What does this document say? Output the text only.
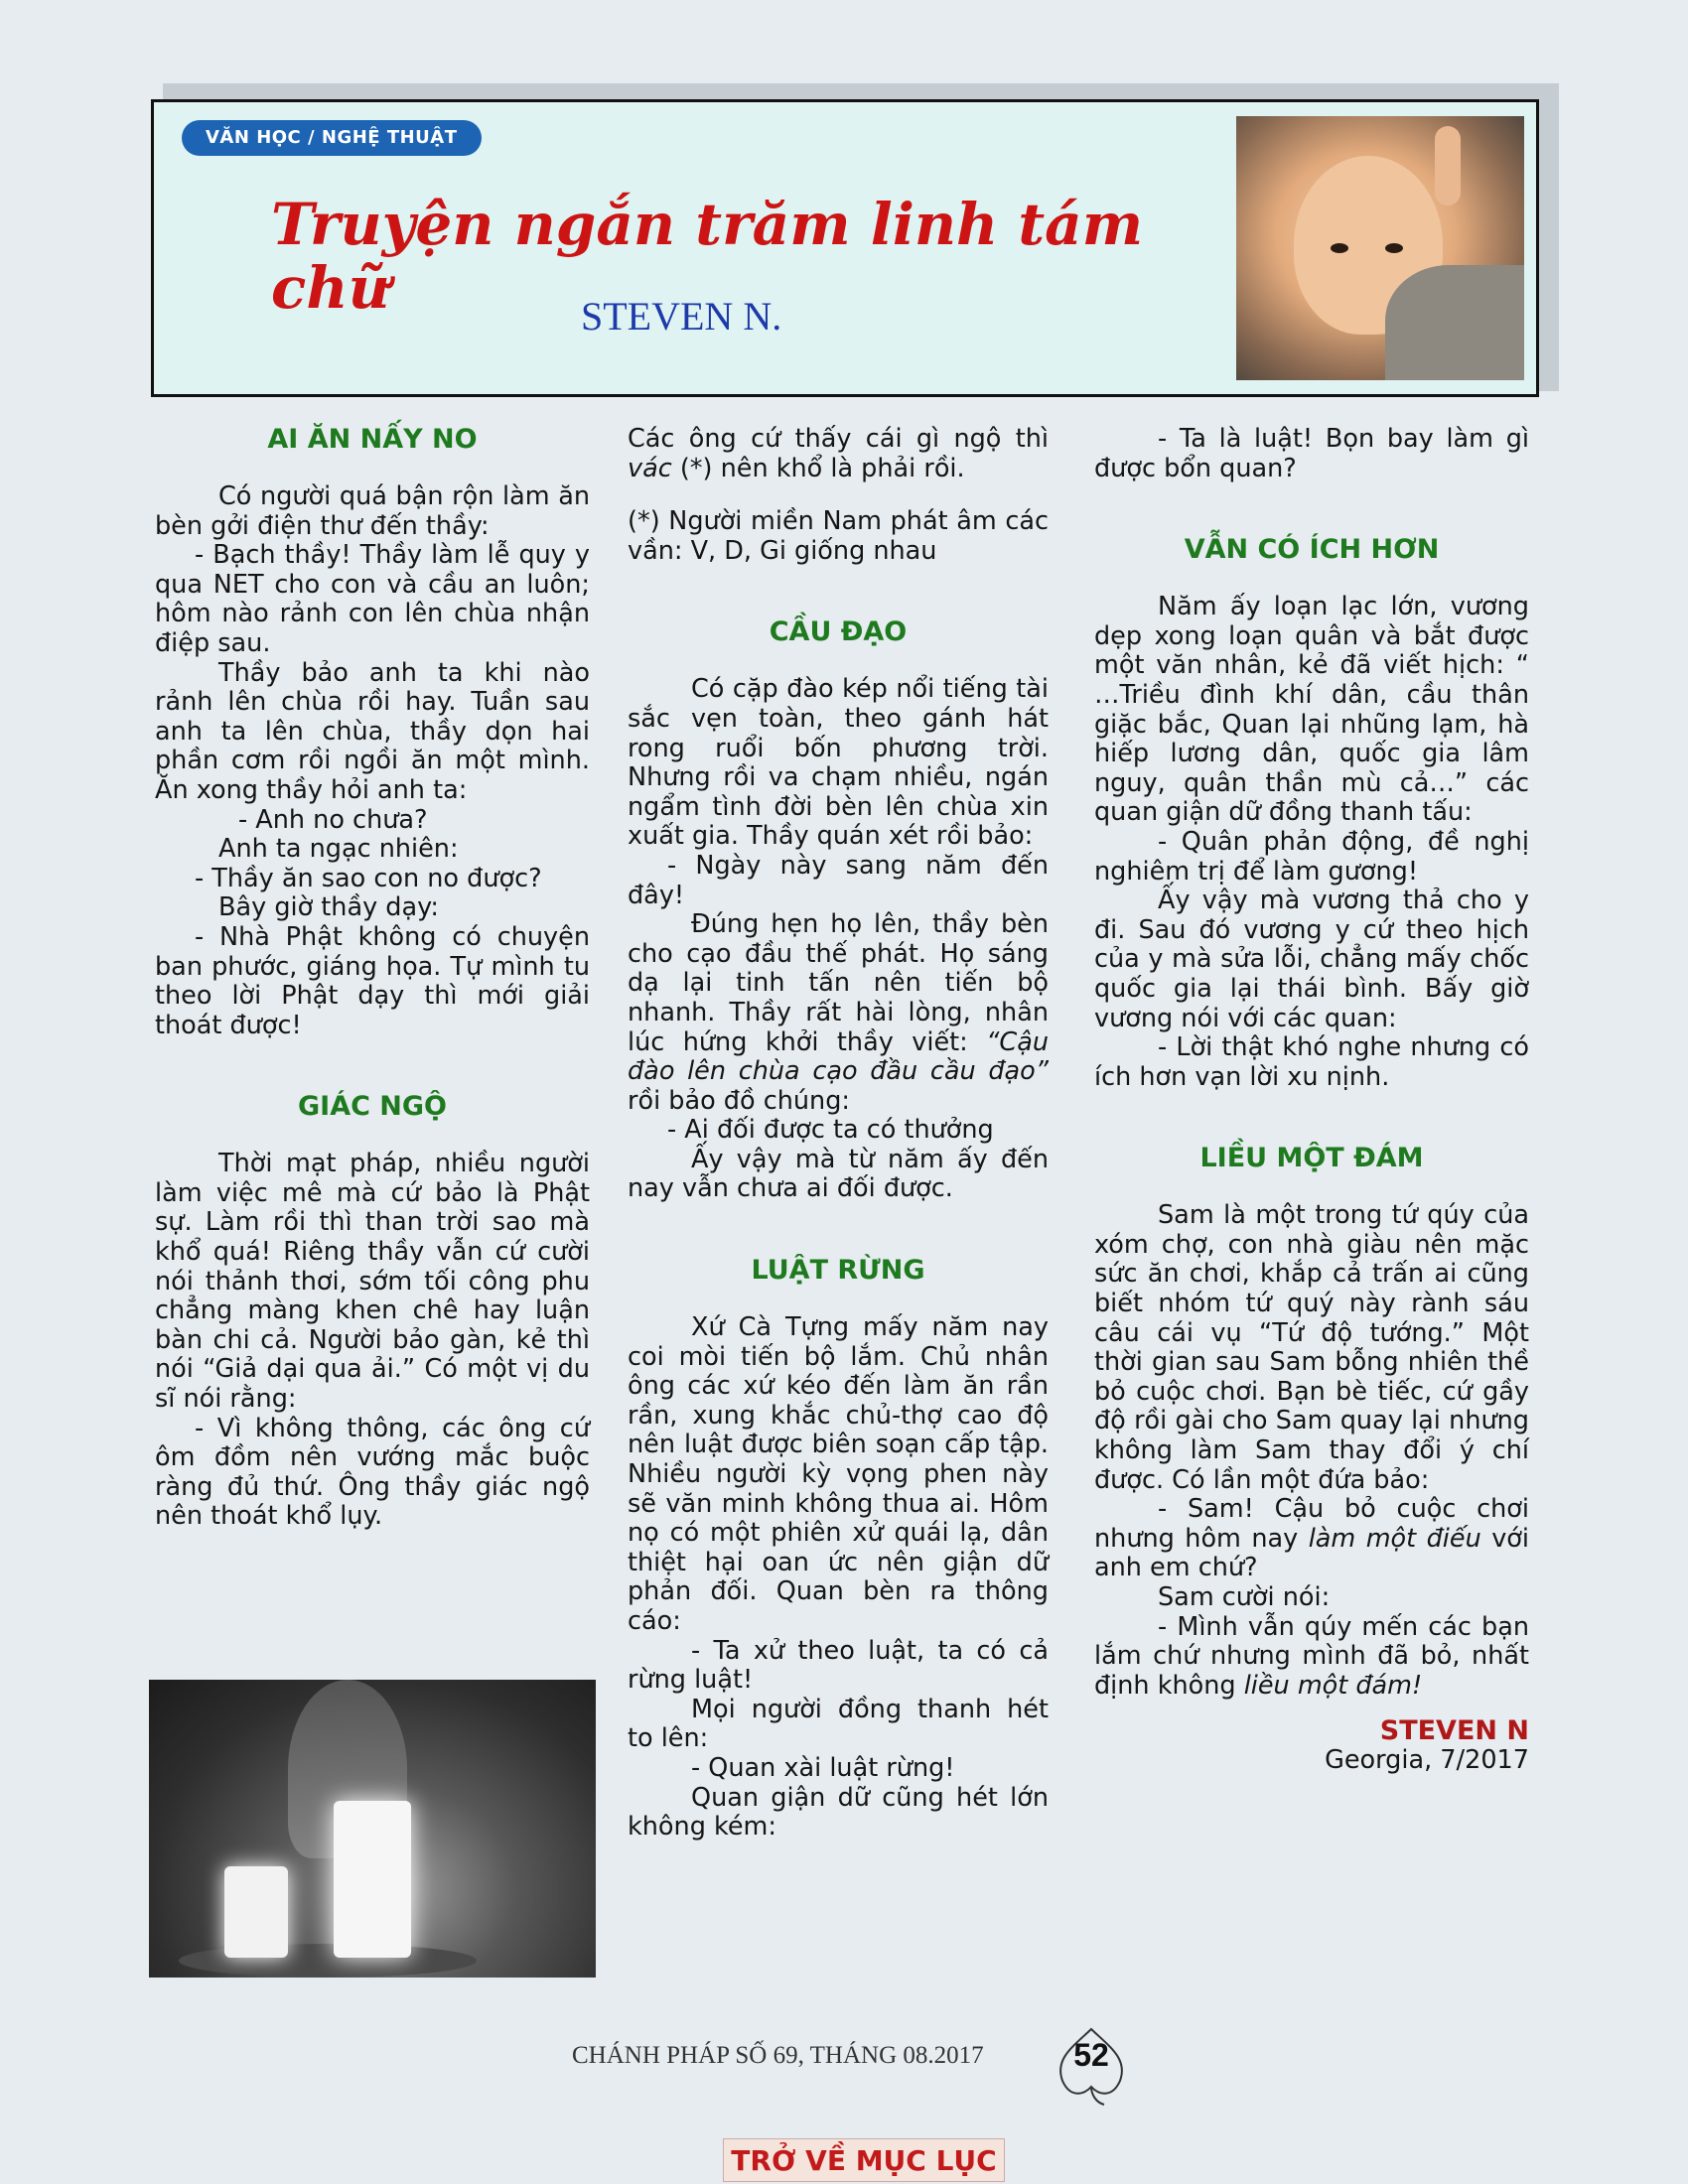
VĂN HỌC / NGHỆ THUẬT
Truyện ngắn trăm linh tám chữ	STEVEN N.
AI ĂN NẤY NO

Có người quá bận rộn làm ăn bèn gởi điện thư đến thầy:

- Bạch thầy! Thầy làm lễ quy y qua NET cho con và cầu an luôn; hôm nào rảnh con lên chùa nhận điệp sau.

Thầy bảo anh ta khi nào rảnh lên chùa rồi hay. Tuần sau anh ta lên chùa, thầy dọn hai phần cơm rồi ngồi ăn một mình. Ăn xong thầy hỏi anh ta:

- Anh no chưa?

Anh ta ngạc nhiên:

- Thầy ăn sao con no được?

Bây giờ thầy dạy:

- Nhà Phật không có chuyện ban phước, giáng họa. Tự mình tu theo lời Phật dạy thì mới giải thoát được!

GIÁC NGỘ

Thời mạt pháp, nhiều người làm việc mê mà cứ bảo là Phật sự. Làm rồi thì than trời sao mà khổ quá! Riêng thầy vẫn cứ cười nói thảnh thơi, sớm tối công phu chẳng màng khen chê hay luận bàn chi cả. Người bảo gàn, kẻ thì nói “Giả dại qua ải.” Có một vị du sĩ nói rằng:

- Vì không thông, các ông cứ ôm đồm nên vướng mắc buộc ràng đủ thứ. Ông thầy giác ngộ nên thoát khổ lụy.

Các ông cứ thấy cái gì ngộ thì vác (*) nên khổ là phải rồi.

(*) Người miền Nam phát âm các vần: V, D, Gi giống nhau

CẦU ĐẠO

Có cặp đào kép nổi tiếng tài sắc vẹn toàn, theo gánh hát rong ruổi bốn phương trời. Nhưng rồi va chạm nhiều, ngán ngẩm tình đời bèn lên chùa xin xuất gia. Thầy quán xét rồi bảo:

- Ngày này sang năm đến đây!

Đúng hẹn họ lên, thầy bèn cho cạo đầu thế phát. Họ sáng dạ lại tinh tấn nên tiến bộ nhanh. Thầy rất hài lòng, nhân lúc hứng khởi thầy viết: “Cậu đào lên chùa cạo đầu cầu đạo” rồi bảo đồ chúng:

- Ai đối được ta có thưởng

Ấy vậy mà từ năm ấy đến nay vẫn chưa ai đối được.

LUẬT RỪNG

Xứ Cà Tựng mấy năm nay coi mòi tiến bộ lắm. Chủ nhân ông các xứ kéo đến làm ăn rần rần, xung khắc chủ-thợ cao độ nên luật được biên soạn cấp tập. Nhiều người kỳ vọng phen này sẽ văn minh không thua ai. Hôm nọ có một phiên xử quái lạ, dân thiệt hại oan ức nên giận dữ phản đối. Quan bèn ra thông cáo:

- Ta xử theo luật, ta có cả rừng luật!

Mọi người đồng thanh hét to lên:

- Quan xài luật rừng!

Quan giận dữ cũng hét lớn không kém:

- Ta là luật! Bọn bay làm gì được bổn quan?

VẪN CÓ ÍCH HƠN

Năm ấy loạn lạc lớn, vương dẹp xong loạn quân và bắt được một văn nhân, kẻ đã viết hịch: “ …Triều đình khí dân, cầu thân giặc bắc, Quan lại nhũng lạm, hà hiếp lương dân, quốc gia lâm nguy, quân thần mù cả…” các quan giận dữ đồng thanh tấu:

- Quân phản động, đề nghị nghiêm trị để làm gương!

Ấy vậy mà vương thả cho y đi. Sau đó vương y cứ theo hịch của y mà sửa lỗi, chẳng mấy chốc quốc gia lại thái bình. Bấy giờ vương nói với các quan:

- Lời thật khó nghe nhưng có ích hơn vạn lời xu nịnh.

LIỀU MỘT ĐÁM

Sam là một trong tứ qúy của xóm chợ, con nhà giàu nên mặc sức ăn chơi, khắp cả trấn ai cũng biết nhóm tứ quý này rành sáu câu cái vụ “Tứ độ tướng.” Một thời gian sau Sam bỗng nhiên thề bỏ cuộc chơi. Bạn bè tiếc, cứ gầy độ rồi gài cho Sam quay lại nhưng không làm Sam thay đổi ý chí được. Có lần một đứa bảo:

- Sam! Cậu bỏ cuộc chơi nhưng hôm nay làm một điếu với anh em chứ?

Sam cười nói:

- Mình vẫn qúy mến các bạn lắm chứ nhưng mình đã bỏ, nhất định không liều một đám!

STEVEN N
Georgia, 7/2017
CHÁNH PHÁP SỐ 69, THÁNG 08.2017	52
TRỞ VỀ MỤC LỤC
